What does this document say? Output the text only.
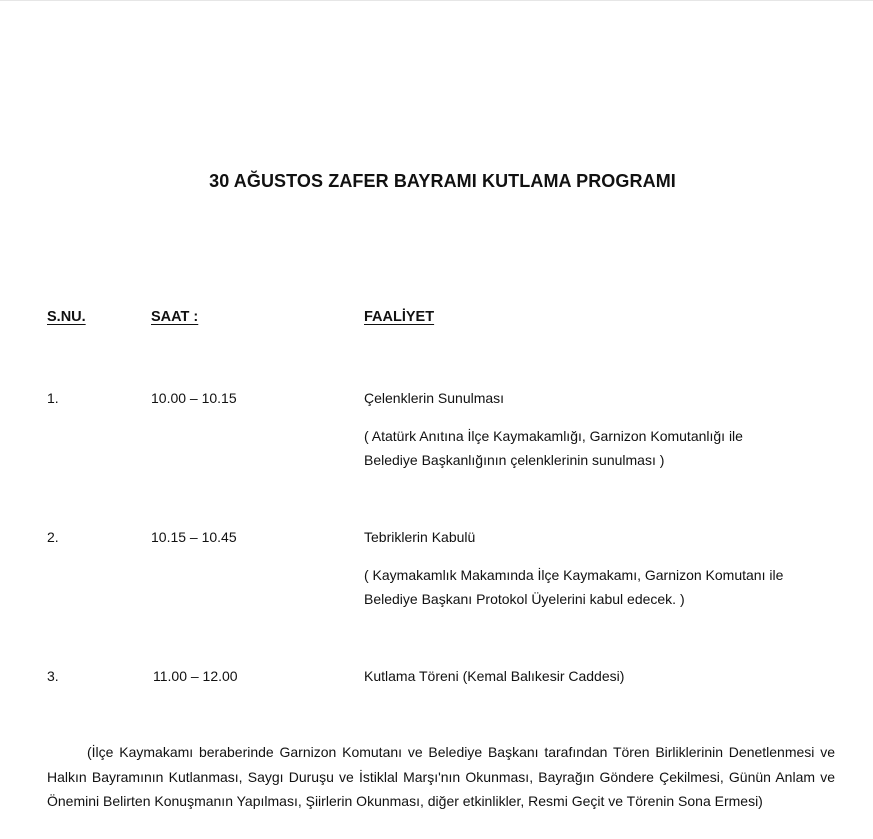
30 AĞUSTOS ZAFER BAYRAMI KUTLAMA PROGRAMI
S.NU.	SAAT :	FAALİYET
1.	10.00 – 10.15	Çelenklerin Sunulması
( Atatürk Anıtına İlçe Kaymakamlığı, Garnizon Komutanlığı ile
Belediye Başkanlığının çelenklerinin sunulması )
2.	10.15 – 10.45	Tebriklerin Kabulü
( Kaymakamlık Makamında İlçe Kaymakamı, Garnizon Komutanı ile
Belediye Başkanı Protokol Üyelerini kabul edecek. )
3.	11.00 – 12.00	Kutlama Töreni (Kemal Balıkesir Caddesi)
(İlçe Kaymakamı beraberinde Garnizon Komutanı ve Belediye Başkanı tarafından Tören Birliklerinin Denetlenmesi ve Halkın Bayramının Kutlanması, Saygı Duruşu ve İstiklal Marşı'nın Okunması, Bayrağın Göndere Çekilmesi, Günün Anlam ve Önemini Belirten Konuşmanın Yapılması, Şiirlerin Okunması, diğer etkinlikler, Resmi Geçit ve Törenin Sona Ermesi)
